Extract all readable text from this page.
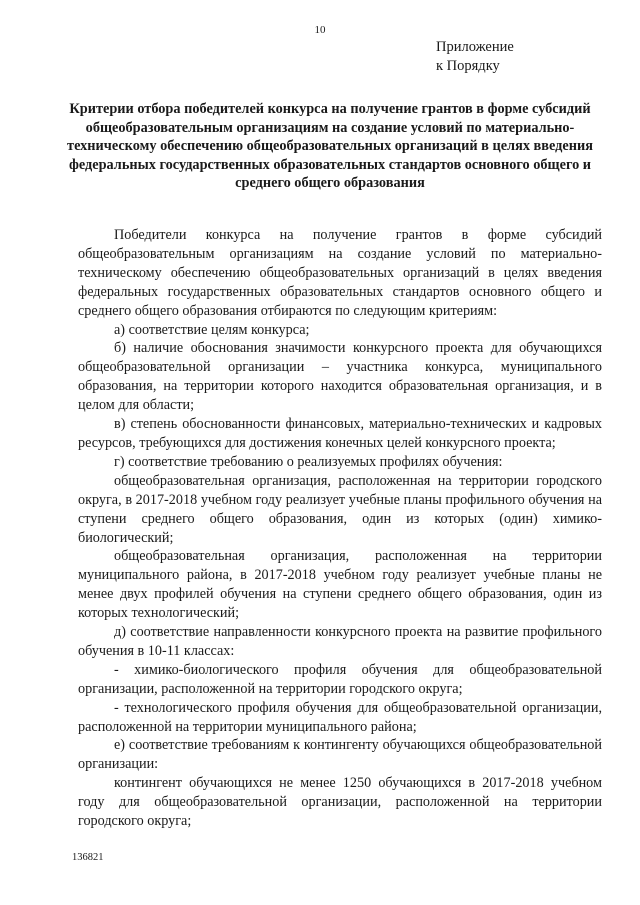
10
Приложение
к Порядку
Критерии отбора победителей конкурса на получение грантов в форме субсидий общеобразовательным организациям на создание условий по материально-техническому обеспечению общеобразовательных организаций в целях введения федеральных государственных образовательных стандартов основного общего и среднего общего образования

Победители конкурса на получение грантов в форме субсидий общеобразовательным организациям на создание условий по материально-техническому обеспечению общеобразовательных организаций в целях введения федеральных государственных образовательных стандартов основного общего и среднего общего образования отбираются по следующим критериям:

а) соответствие целям конкурса;

б) наличие обоснования значимости конкурсного проекта для обучающихся общеобразовательной организации – участника конкурса, муниципального образования, на территории которого находится образовательная организация, и в целом для области;

в) степень обоснованности финансовых, материально-технических и кадровых ресурсов, требующихся для достижения конечных целей конкурсного проекта;

г) соответствие требованию о реализуемых профилях обучения:

общеобразовательная организация, расположенная на территории городского округа, в 2017-2018 учебном году реализует учебные планы профильного обучения на ступени среднего общего образования, один из которых (один) химико-биологический;

общеобразовательная организация, расположенная на территории муниципального района, в 2017-2018 учебном году реализует учебные планы не менее двух профилей обучения на ступени среднего общего образования, один из которых технологический;

д) соответствие направленности конкурсного проекта на развитие профильного обучения в 10-11 классах:

- химико-биологического профиля обучения для общеобразовательной организации, расположенной на территории городского округа;

- технологического профиля обучения для общеобразовательной организации, расположенной на территории муниципального района;

е) соответствие требованиям к контингенту обучающихся общеобразовательной организации:

контингент обучающихся не менее 1250 обучающихся в 2017-2018 учебном году для общеобразовательной организации, расположенной на территории городского округа;

136821
